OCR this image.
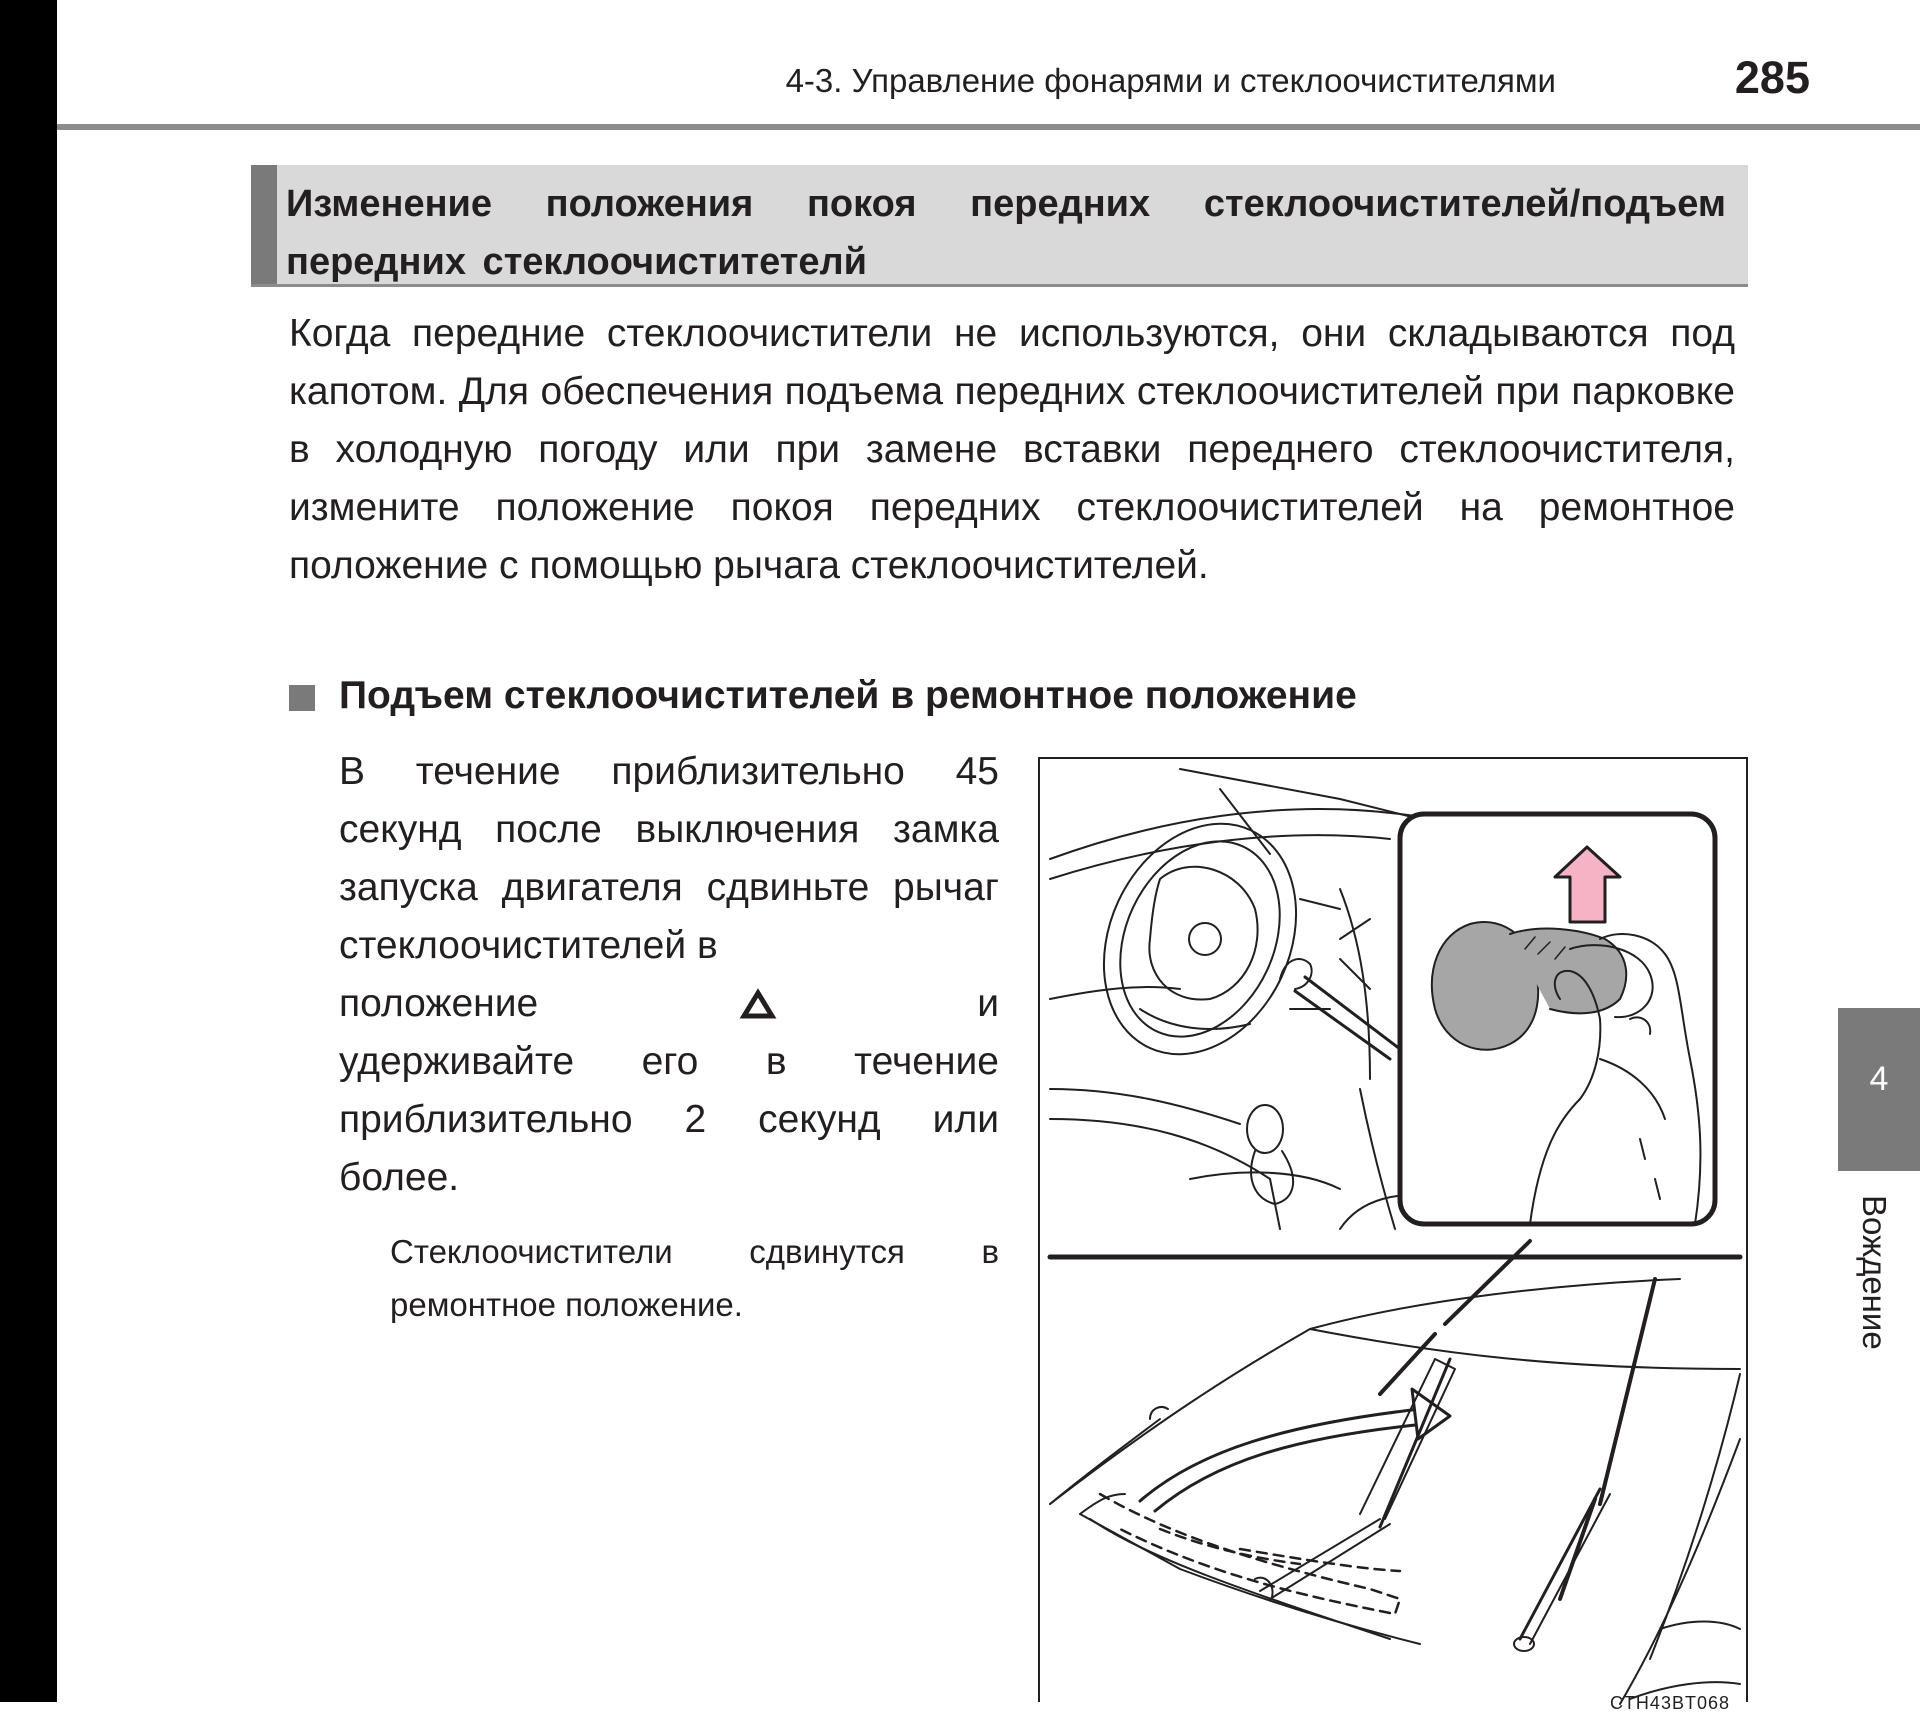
4-3. Управление фонарями и стеклоочистителями	285
Изменение положения покоя передних стеклоочистителей/подъем передних стеклоочиститетелй

Когда передние стеклоочистители не используются, они складываются под капотом. Для обеспечения подъема передних стеклоочистителей при парковке в холодную погоду или при замене вставки переднего стеклоочистителя, измените положение покоя передних стеклоочистителей на ремонтное положение с помощью рычага стеклоочистителей.

Подъем стеклоочистителей в ремонтное положение
В течение приблизительно 45 секунд после выключения замка запуска двигателя сдвиньте рычаг стеклоочистителей в
положение	и
удерживайте его в течение приблизительно 2 секунд или более.

Стеклоочистители сдвинутся в ремонтное положение.

CTH43BT068
4
Вождение
